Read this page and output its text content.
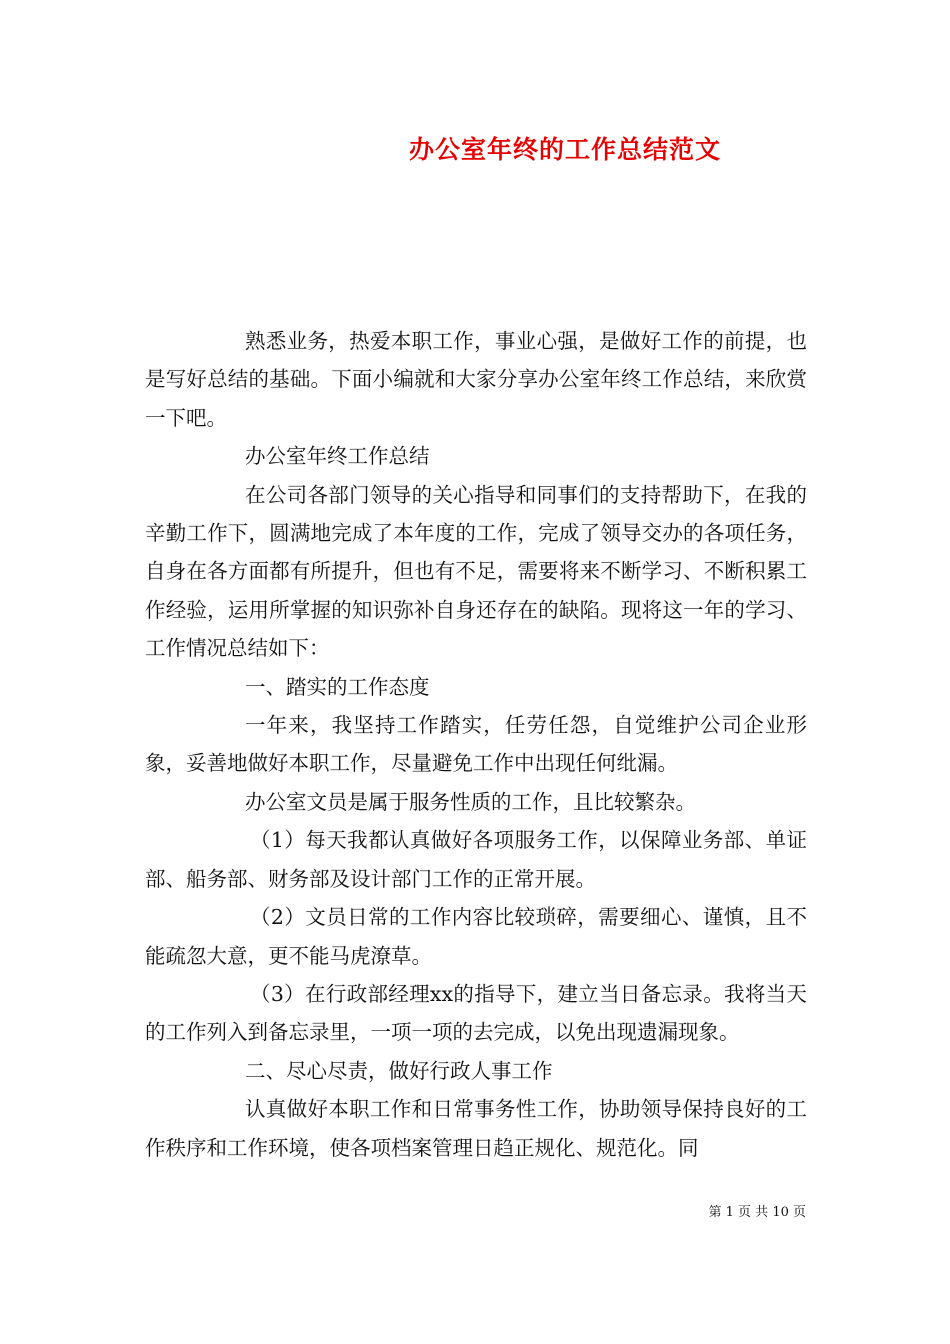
办公室年终的工作总结范文

熟悉业务，热爱本职工作，事业心强，是做好工作的前提，也是写好总结的基础。下面小编就和大家分享办公室年终工作总结，来欣赏一下吧。

办公室年终工作总结

在公司各部门领导的关心指导和同事们的支持帮助下，在我的辛勤工作下，圆满地完成了本年度的工作，完成了领导交办的各项任务，自身在各方面都有所提升，但也有不足，需要将来不断学习、不断积累工作经验，运用所掌握的知识弥补自身还存在的缺陷。现将这一年的学习、工作情况总结如下：

一、踏实的工作态度

一年来，我坚持工作踏实，任劳任怨，自觉维护公司企业形象，妥善地做好本职工作，尽量避免工作中出现任何纰漏。

办公室文员是属于服务性质的工作，且比较繁杂。

（1）每天我都认真做好各项服务工作，以保障业务部、单证部、船务部、财务部及设计部门工作的正常开展。

（2）文员日常的工作内容比较琐碎，需要细心、谨慎，且不能疏忽大意，更不能马虎潦草。

（3）在行政部经理xx的指导下，建立当日备忘录。我将当天的工作列入到备忘录里，一项一项的去完成，以免出现遗漏现象。

二、尽心尽责，做好行政人事工作

认真做好本职工作和日常事务性工作，协助领导保持良好的工作秩序和工作环境，使各项档案管理日趋正规化、规范化。同

第 1 页 共 10 页
